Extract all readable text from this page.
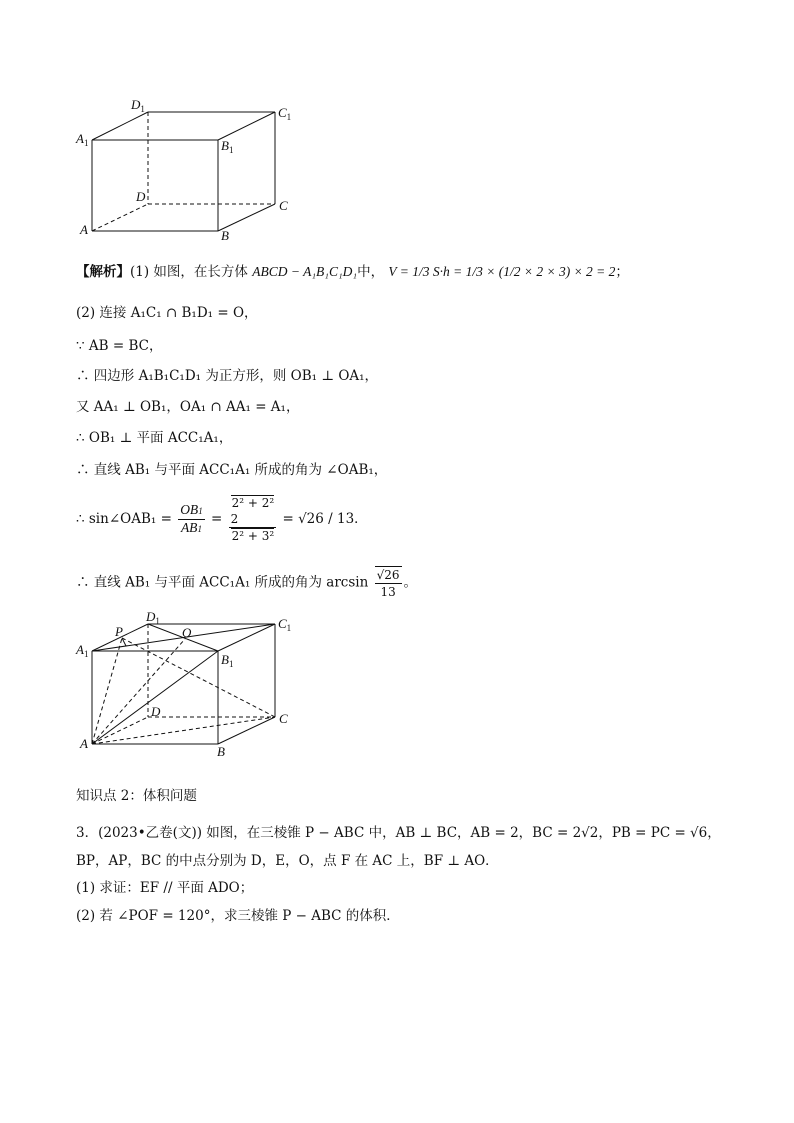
$D_1$	$C_1$
$A_1$	$B_1$
D
C
A	B
【解析】(1) 如图，在长方体 ABCD − A₁B₁C₁D₁中， V = 1/3 S·h = 1/3 × (1/2 × 2 × 3) × 2 = 2；
(2) 连接 A₁C₁ ∩ B₁D₁ = O，
∵ AB = BC，
∴ 四边形 A₁B₁C₁D₁ 为正方形，则 OB₁ ⊥ OA₁，
又 AA₁ ⊥ OB₁，OA₁ ∩ AA₁ = A₁，
∴ OB₁ ⊥ 平面 ACC₁A₁，
∴ 直线 AB₁ 与平面 ACC₁A₁ 所成的角为 ∠OAB₁，
∴ sin∠OAB₁ = $\frac{OB1}{AB1}$ =
2² + 2²
2
2² + 3²
= √26 / 13．
∴ 直线 AB₁ 与平面 ACC₁A₁ 所成的角为 $\arcsin \frac{√26}{13}$ 。
P
$D_1$
O
$C_1$
$A_1$	$B_1$
D	C
A
B
知识点 2：体积问题
3．(2023•乙卷(文)) 如图，在三棱锥 P − ABC 中，AB ⊥ BC，AB = 2，BC = 2√2，PB = PC = √6，
BP，AP，BC 的中点分别为 D，E，O，点 F 在 AC 上，BF ⊥ AO．
(1) 求证：EF // 平面 ADO；
(2) 若 ∠POF = 120°，求三棱锥 P − ABC 的体积．
